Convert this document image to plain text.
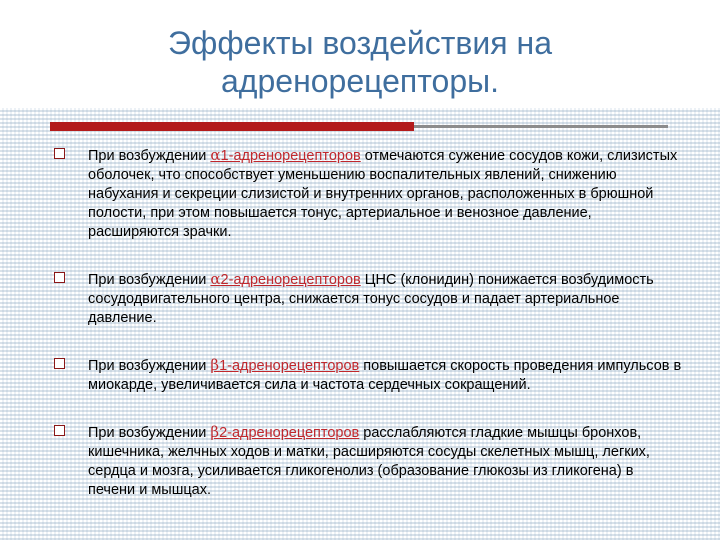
Эффекты воздействия на адренорецепторы.
При возбуждении α1-адренорецепторов отмечаются сужение сосудов кожи, слизистых оболочек, что способствует уменьшению воспалительных явлений, снижению набухания и секреции слизистой и внутренних органов, расположенных в брюшной полости, при этом повышается тонус, артериальное и венозное давление, расширяются зрачки.
При возбуждении α2-адренорецепторов ЦНС (клонидин) понижается возбудимость сосудодвигательного центра, снижается тонус сосудов и падает артериальное давление.
При возбуждении β1-адренорецепторов повышается скорость проведения импульсов в миокарде, увеличивается сила и частота сердечных сокращений.
При возбуждении β2-адренорецепторов расслабляются гладкие мышцы бронхов, кишечника, желчных ходов и матки, расширяются сосуды скелетных мышц, легких, сердца и мозга, усиливается гликогенолиз (образование глюкозы из гликогена) в печени и мышцах.
